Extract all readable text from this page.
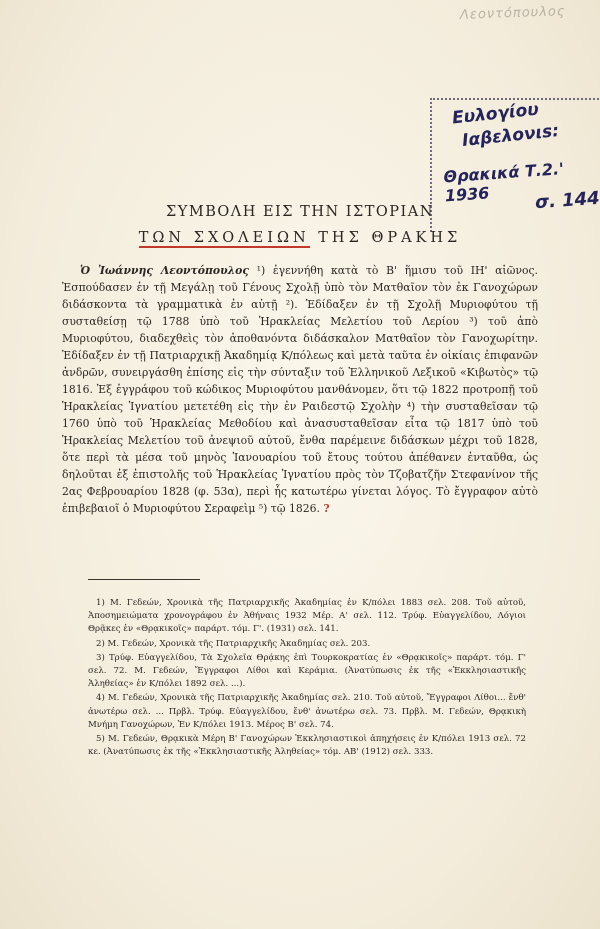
Λεοντόπουλος
Ευλογίου
Ιαβελονιs:
Θρακικά Τ.2.' 1936	σ. 144
ΣΥΜΒΟΛΗ ΕΙΣ ΤΗΝ ΙΣΤΟΡΙΑΝ
ΤΩΝ ΣΧΟΛΕΙΩΝ ΤΗΣ ΘΡΑΚΗΣ

Ὁ Ἰωάννης Λεοντόπουλος ¹) ἐγεννήθη κατὰ τὸ Β' ἥμισυ τοῦ ΙΗ' αἰῶνος. Ἐσπούδασεν ἐν τῇ Μεγάλῃ τοῦ Γένους Σχολῇ ὑπὸ τὸν Ματθαῖον τὸν ἐκ Γανοχώρων διδάσκοντα τὰ γραμματικὰ ἐν αὐτῇ ²). Ἐδίδαξεν ἐν τῇ Σχολῇ Μυριοφύτου τῇ συσταθείσῃ τῷ 1788 ὑπὸ τοῦ Ἡρακλείας Μελετίου τοῦ Λερίου ³) τοῦ ἀπὸ Μυριοφύτου, διαδεχθεὶς τὸν ἀποθανόντα διδάσκαλον Ματθαῖον τὸν Γανοχωρίτην. Ἐδίδαξεν ἐν τῇ Πατριαρχικῇ Ἀκαδημίᾳ Κ/πόλεως καὶ μετὰ ταῦτα ἐν οἰκίαις ἐπιφανῶν ἀνδρῶν, συνειργάσθη ἐπίσης εἰς τὴν σύνταξιν τοῦ Ἑλληνικοῦ Λεξικοῦ «Κιβωτὸς» τῷ 1816. Ἐξ ἐγγράφου τοῦ κώδικος Μυριοφύτου μανθάνομεν, ὅτι τῷ 1822 προτροπῇ τοῦ Ἡρακλείας Ἰγνατίου μετετέθη εἰς τὴν ἐν Ραιδεστῷ Σχολὴν ⁴) τὴν συσταθεῖσαν τῷ 1760 ὑπὸ τοῦ Ἡρακλείας Μεθοδίου καὶ ἀνασυσταθεῖσαν εἶτα τῷ 1817 ὑπὸ τοῦ Ἡρακλείας Μελετίου τοῦ ἀνεψιοῦ αὐτοῦ, ἔνθα παρέμεινε διδάσκων μέχρι τοῦ 1828, ὅτε περὶ τὰ μέσα τοῦ μηνὸς Ἰανουαρίου τοῦ ἔτους τούτου ἀπέθανεν ἐνταῦθα, ὡς δηλοῦται ἐξ ἐπιστολῆς τοῦ Ἡρακλείας Ἰγνατίου πρὸς τὸν Τζοβατζῆν Στεφανίνον τῆς 2ας Φεβρουαρίου 1828 (φ. 53α), περὶ ἧς κατωτέρω γίνεται λόγος. Τὸ ἔγγραφον αὐτὸ ἐπιβεβαιοῖ ὁ Μυριοφύτου Σεραφεὶμ ⁵) τῷ 1826. ?

1) Μ. Γεδεών, Χρονικὰ τῆς Πατριαρχικῆς Ἀκαδημίας ἐν Κ/πόλει 1883 σελ. 208. Τοῦ αὐτοῦ, Ἀποσημειώματα χρονογράφου ἐν Ἀθήναις 1932 Μέρ. Α' σελ. 112. Τρύφ. Εὐαγγελίδου, Λόγιοι Θρᾷκες ἐν «Θρᾳκικοῖς» παράρτ. τόμ. Γ'. (1931) σελ. 141.

2) Μ. Γεδεών, Χρονικὰ τῆς Πατριαρχικῆς Ἀκαδημίας σελ. 203.

3) Τρύφ. Εὐαγγελίδου, Τὰ Σχολεῖα Θρᾴκης ἐπὶ Τουρκοκρατίας ἐν «Θρᾳκικοῖς» παράρτ. τόμ. Γ' σελ. 72. Μ. Γεδεών, Ἔγγραφοι Λίθοι καὶ Κεράμια. (Ἀνατύπωσις ἐκ τῆς «Ἐκκλησιαστικῆς Ἀληθείας» ἐν Κ/πόλει 1892 σελ. ...).

4) Μ. Γεδεών, Χρονικὰ τῆς Πατριαρχικῆς Ἀκαδημίας σελ. 210. Τοῦ αὐτοῦ, Ἔγγραφοι Λίθοι... ἔνθ' ἀνωτέρω σελ. ... Πρβλ. Τρύφ. Εὐαγγελίδου, ἔνθ' ἀνωτέρω σελ. 73. Πρβλ. Μ. Γεδεών, Θρᾳκικὴ Μνήμη Γανοχώρων, Ἐν Κ/πόλει 1913. Μέρος Β' σελ. 74.

5) Μ. Γεδεών, Θρᾳκικὰ Μέρη Β' Γανοχώρων Ἐκκλησιαστικοὶ ἀπηχήσεις ἐν Κ/πόλει 1913 σελ. 72 κε. (Ἀνατύπωσις ἐκ τῆς «Ἐκκλησιαστικῆς Ἀληθείας» τόμ. ΑΒ' (1912) σελ. 333.
